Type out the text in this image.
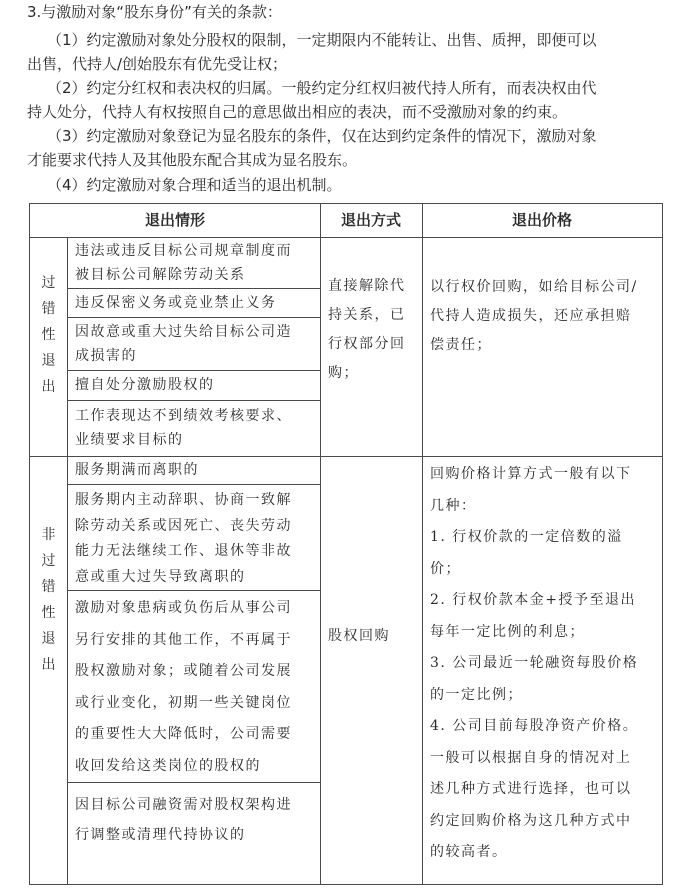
3.与激励对象“股东身份”有关的条款：

（1）约定激励对象处分股权的限制，一定期限内不能转让、出售、质押，即便可以
出售，代持人/创始股东有优先受让权；

（2）约定分红权和表决权的归属。一般约定分红权归被代持人所有，而表决权由代
持人处分，代持人有权按照自己的意思做出相应的表决，而不受激励对象的约束。

（3）约定激励对象登记为显名股东的条件，仅在达到约定条件的情况下，激励对象
才能要求代持人及其他股东配合其成为显名股东。

（4）约定激励对象合理和适当的退出机制。

退出情形	退出方式	退出价格
过
错
性
退
出
违法或违反目标公司规章制度而
被目标公司解除劳动关系
违反保密义务或竞业禁止义务
因故意或重大过失给目标公司造
成损害的
擅自处分激励股权的
工作表现达不到绩效考核要求、
业绩要求目标的
直接解除代
持关系，已
行权部分回
购；
以行权价回购，如给目标公司/
代持人造成损失，还应承担赔
偿责任；
非
过
错
性
退
出
服务期满而离职的
服务期内主动辞职、协商一致解
除劳动关系或因死亡、丧失劳动
能力无法继续工作、退休等非故
意或重大过失导致离职的
激励对象患病或负伤后从事公司
另行安排的其他工作，不再属于
股权激励对象；或随着公司发展
或行业变化，初期一些关键岗位
的重要性大大降低时，公司需要
收回发给这类岗位的股权的
因目标公司融资需对股权架构进
行调整或清理代持协议的
股权回购
回购价格计算方式一般有以下
几种：
1. 行权价款的一定倍数的溢
价；
2. 行权价款本金+授予至退出
每年一定比例的利息；
3. 公司最近一轮融资每股价格
的一定比例；
4. 公司目前每股净资产价格。
一般可以根据自身的情况对上
述几种方式进行选择，也可以
约定回购价格为这几种方式中
的较高者。
